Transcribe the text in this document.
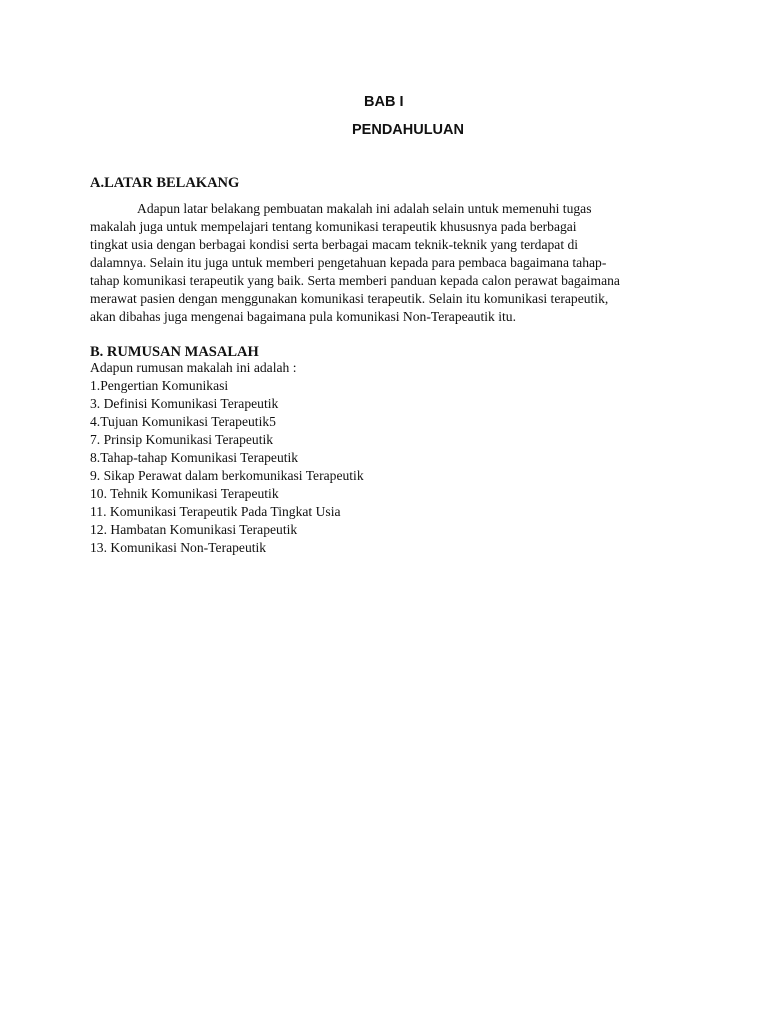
BAB I
PENDAHULUAN
A.LATAR BELAKANG
Adapun latar belakang pembuatan makalah ini adalah selain untuk memenuhi tugas
makalah juga untuk mempelajari tentang komunikasi terapeutik khususnya pada berbagai
tingkat usia dengan berbagai kondisi serta berbagai macam teknik-teknik yang terdapat di
dalamnya. Selain itu juga untuk memberi pengetahuan kepada para pembaca bagaimana tahap-
tahap komunikasi terapeutik yang baik. Serta memberi panduan kepada calon perawat bagaimana
merawat pasien dengan menggunakan komunikasi terapeutik. Selain itu komunikasi terapeutik,
akan dibahas juga mengenai bagaimana pula komunikasi Non-Terapeautik itu.
B. RUMUSAN MASALAH
Adapun rumusan makalah ini adalah :
1.Pengertian Komunikasi
3. Definisi Komunikasi Terapeutik
4.Tujuan Komunikasi Terapeutik5
7. Prinsip Komunikasi Terapeutik
8.Tahap-tahap Komunikasi Terapeutik
9. Sikap Perawat dalam berkomunikasi Terapeutik
10. Tehnik Komunikasi Terapeutik
11. Komunikasi Terapeutik Pada Tingkat Usia
12. Hambatan Komunikasi Terapeutik
13. Komunikasi Non-Terapeutik
